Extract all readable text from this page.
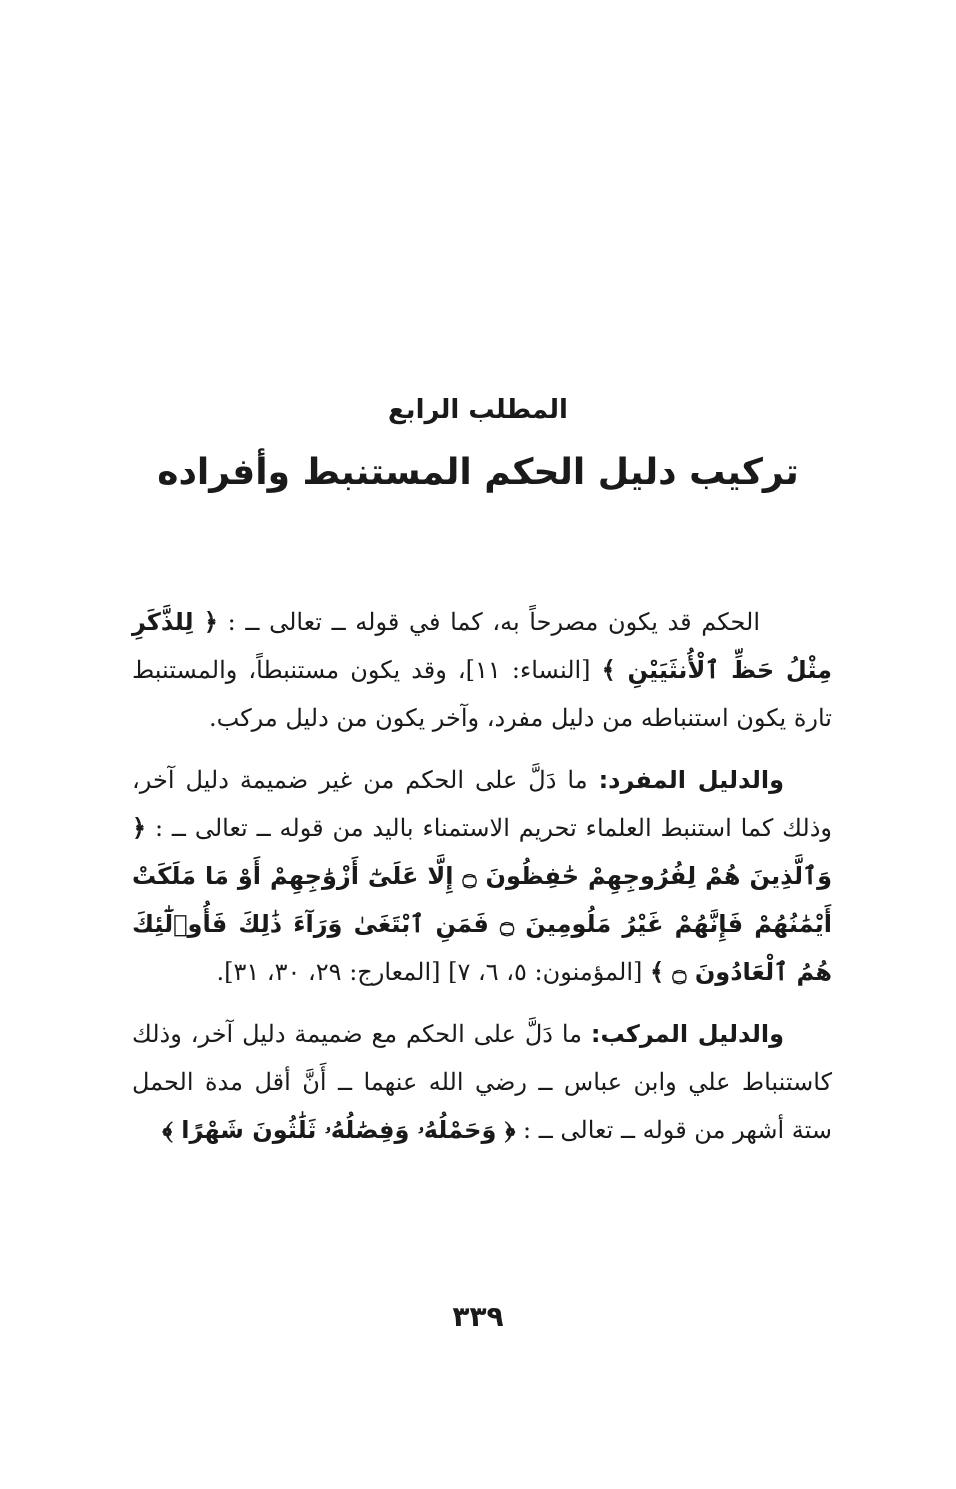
المطلب الرابع
تركيب دليل الحكم المستنبط وأفراده

الحكم قد يكون مصرحاً به، كما في قوله ــ تعالى ــ : ﴿ لِلذَّكَرِ مِثْلُ حَظِّ ٱلْأُنثَيَيْنِ ﴾ [النساء: ١١]، وقد يكون مستنبطاً، والمستنبط تارة يكون استنباطه من دليل مفرد، وآخر يكون من دليل مركب.

والدليل المفرد: ما دَلَّ على الحكم من غير ضميمة دليل آخر، وذلك كما استنبط العلماء تحريم الاستمناء باليد من قوله ــ تعالى ــ : ﴿ وَٱلَّذِينَ هُمْ لِفُرُوجِهِمْ حَٰفِظُونَ ۝ إِلَّا عَلَىٰٓ أَزْوَٰجِهِمْ أَوْ مَا مَلَكَتْ أَيْمَٰنُهُمْ فَإِنَّهُمْ غَيْرُ مَلُومِينَ ۝ فَمَنِ ٱبْتَغَىٰ وَرَآءَ ذَٰلِكَ فَأُو۟لَٰٓئِكَ هُمُ ٱلْعَادُونَ ۝ ﴾ [المؤمنون: ٥، ٦، ٧] [المعارج: ٢٩، ٣٠، ٣١].

والدليل المركب: ما دَلَّ على الحكم مع ضميمة دليل آخر، وذلك كاستنباط علي وابن عباس ــ رضي الله عنهما ــ أَنَّ أقل مدة الحمل ستة أشهر من قوله ــ تعالى ــ : ﴿ وَحَمْلُهُۥ وَفِصَٰلُهُۥ ثَلَٰثُونَ شَهْرًا ﴾

٣٣٩
